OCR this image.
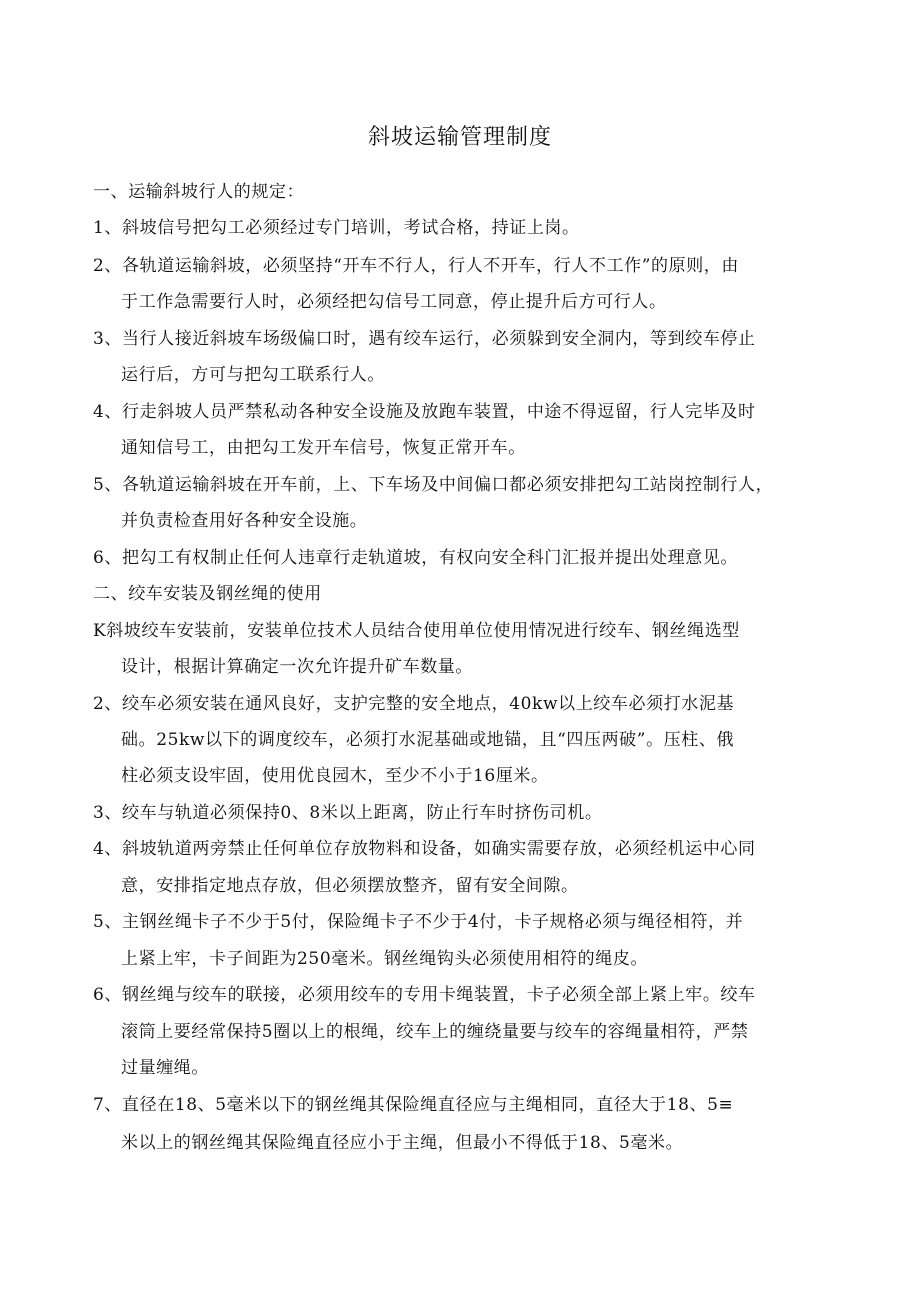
斜坡运输管理制度
一、运输斜坡行人的规定：
1、斜坡信号把勾工必须经过专门培训，考试合格，持证上岗。
2、各轨道运输斜坡，必须坚持“开车不行人，行人不开车，行人不工作”的原则，由
于工作急需要行人时，必须经把勾信号工同意，停止提升后方可行人。
3、当行人接近斜坡车场级偏口时，遇有绞车运行，必须躲到安全洞内，等到绞车停止
运行后，方可与把勾工联系行人。
4、行走斜坡人员严禁私动各种安全设施及放跑车装置，中途不得逗留，行人完毕及时
通知信号工，由把勾工发开车信号，恢复正常开车。
5、各轨道运输斜坡在开车前，上、下车场及中间偏口都必须安排把勾工站岗控制行人，
并负责检查用好各种安全设施。
6、把勾工有权制止任何人违章行走轨道坡，有权向安全科门汇报并提出处理意见。
二、绞车安装及钢丝绳的使用
K斜坡绞车安装前，安装单位技术人员结合使用单位使用情况进行绞车、钢丝绳选型
设计，根据计算确定一次允许提升矿车数量。
2、绞车必须安装在通风良好，支护完整的安全地点，40kw以上绞车必须打水泥基
础。25kw以下的调度绞车，必须打水泥基础或地锚，且“四压两破”。压柱、俄
柱必须支设牢固，使用优良园木，至少不小于16厘米。
3、绞车与轨道必须保持0、8米以上距离，防止行车时挤伤司机。
4、斜坡轨道两旁禁止任何单位存放物料和设备，如确实需要存放，必须经机运中心同
意，安排指定地点存放，但必须摆放整齐，留有安全间隙。
5、主钢丝绳卡子不少于5付，保险绳卡子不少于4付，卡子规格必须与绳径相符，并
上紧上牢，卡子间距为250毫米。钢丝绳钩头必须使用相符的绳皮。
6、钢丝绳与绞车的联接，必须用绞车的专用卡绳装置，卡子必须全部上紧上牢。绞车
滚筒上要经常保持5圈以上的根绳，绞车上的缠绕量要与绞车的容绳量相符，严禁
过量缠绳。
7、直径在18、5毫米以下的钢丝绳其保险绳直径应与主绳相同，直径大于18、5≡
米以上的钢丝绳其保险绳直径应小于主绳，但最小不得低于18、5毫米。
